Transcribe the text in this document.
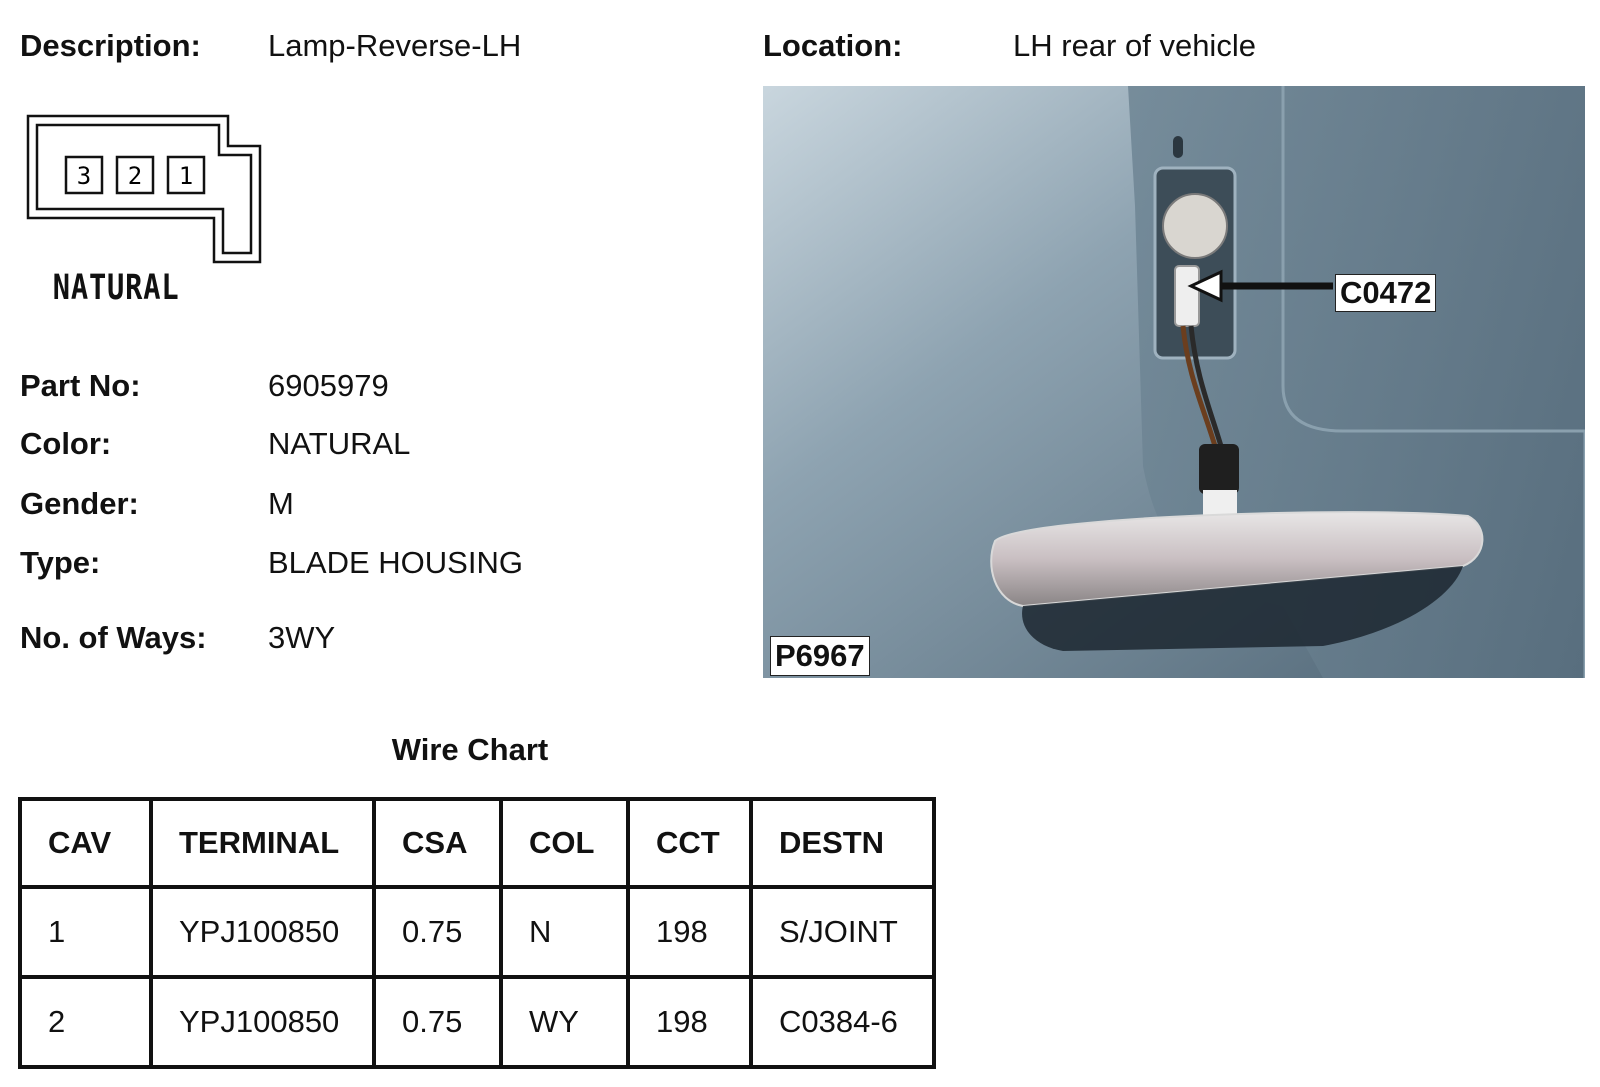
Description: Lamp-Reverse-LH	Location:	LH rear of vehicle
3 2 1
NATURAL
Part No:	6905979
Color:	NATURAL
Gender:	M
Type:	BLADE HOUSING
No. of Ways: 3WY
C0472
P6967
Wire Chart
CAV	TERMINAL	CSA	COL	CCT	DESTN
1	YPJ100850	0.75	N	198	S/JOINT
2	YPJ100850	0.75	WY	198	C0384-6
